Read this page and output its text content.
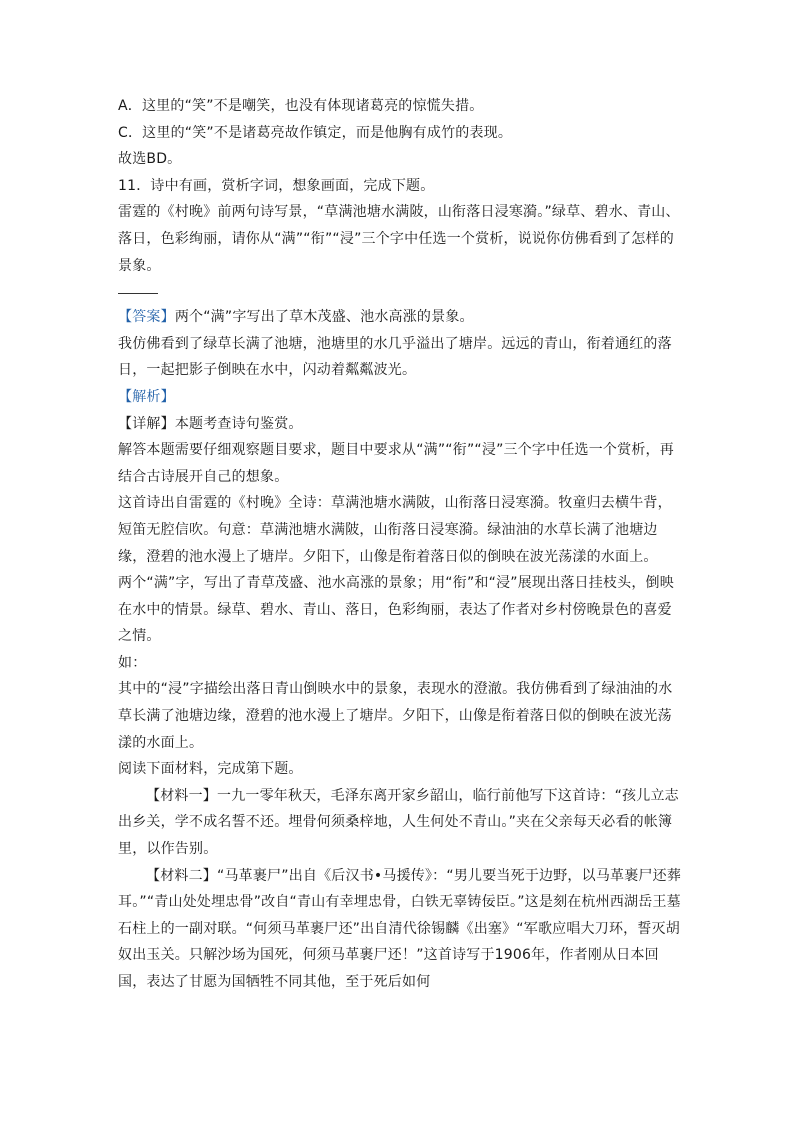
A．这里的“笑”不是嘲笑，也没有体现诸葛亮的惊慌失措。

C．这里的“笑”不是诸葛亮故作镇定，而是他胸有成竹的表现。

故选BD。

11．诗中有画，赏析字词，想象画面，完成下题。

雷霆的《村晚》前两句诗写景，“草满池塘水满陂，山衔落日浸寒漪。”绿草、碧水、青山、落日，色彩绚丽，请你从“满”“衔”“浸”三个字中任选一个赏析，说说你仿佛看到了怎样的景象。

【答案】两个“满”字写出了草木茂盛、池水高涨的景象。

我仿佛看到了绿草长满了池塘，池塘里的水几乎溢出了塘岸。远远的青山，衔着通红的落日，一起把影子倒映在水中，闪动着粼粼波光。

【解析】

【详解】本题考查诗句鉴赏。

解答本题需要仔细观察题目要求，题目中要求从“满”“衔”“浸”三个字中任选一个赏析，再结合古诗展开自己的想象。

这首诗出自雷霆的《村晚》全诗：草满池塘水满陂，山衔落日浸寒漪。牧童归去横牛背，短笛无腔信吹。句意：草满池塘水满陂，山衔落日浸寒漪。绿油油的水草长满了池塘边缘，澄碧的池水漫上了塘岸。夕阳下，山像是衔着落日似的倒映在波光荡漾的水面上。

两个“满”字，写出了青草茂盛、池水高涨的景象；用“衔”和“浸”展现出落日挂枝头，倒映在水中的情景。绿草、碧水、青山、落日，色彩绚丽，表达了作者对乡村傍晚景色的喜爱之情。

如：

其中的“浸”字描绘出落日青山倒映水中的景象，表现水的澄澈。我仿佛看到了绿油油的水草长满了池塘边缘，澄碧的池水漫上了塘岸。夕阳下，山像是衔着落日似的倒映在波光荡漾的水面上。

阅读下面材料，完成第下题。

【材料一】一九一零年秋天，毛泽东离开家乡韶山，临行前他写下这首诗：“孩儿立志出乡关，学不成名誓不还。埋骨何须桑梓地，人生何处不青山。”夹在父亲每天必看的帐簿里，以作告别。

【材料二】“马革裹尸”出自《后汉书•马援传》：“男儿要当死于边野，以马革裹尸还葬耳。”“青山处处埋忠骨”改自“青山有幸埋忠骨，白铁无辜铸佞臣。”这是刻在杭州西湖岳王墓石柱上的一副对联。“何须马革裹尸还”出自清代徐锡麟《出塞》“军歌应唱大刀环，誓灭胡奴出玉关。只解沙场为国死，何须马革裹尸还！”这首诗写于1906年，作者刚从日本回国，表达了甘愿为国牺牲不同其他，至于死后如何
